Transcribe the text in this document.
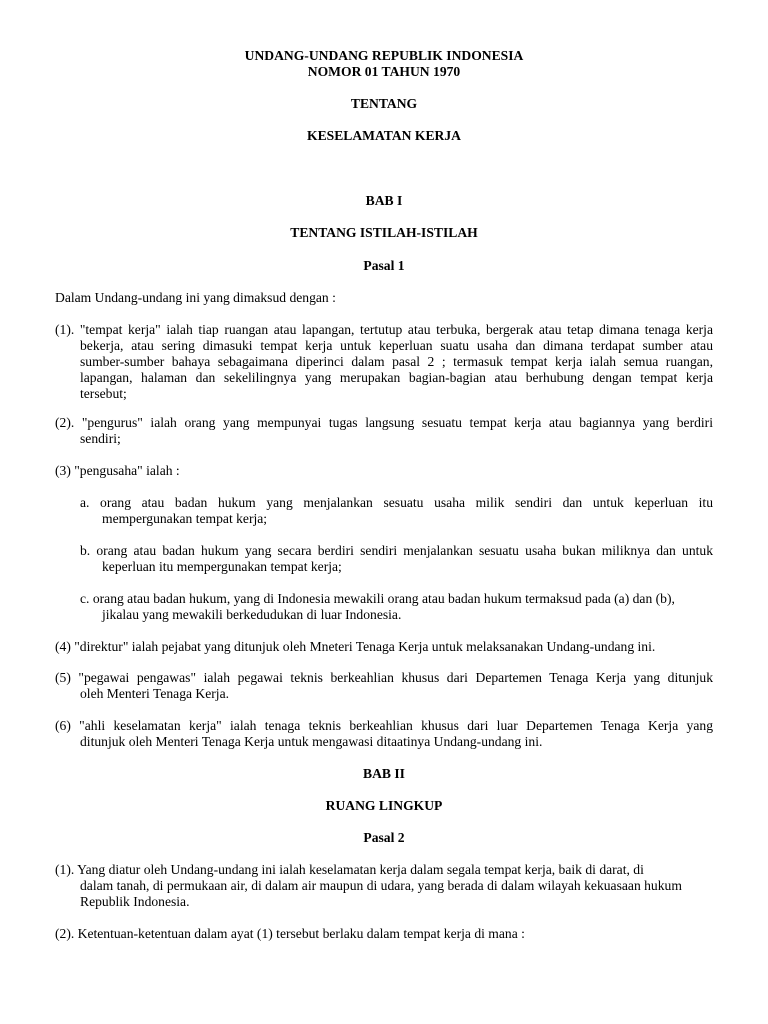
UNDANG-UNDANG REPUBLIK INDONESIA
NOMOR 01 TAHUN 1970
TENTANG
KESELAMATAN KERJA
BAB I
TENTANG ISTILAH-ISTILAH
Pasal 1
Dalam Undang-undang ini yang dimaksud dengan :
(1). "tempat kerja" ialah tiap ruangan atau lapangan, tertutup atau terbuka, bergerak atau tetap dimana tenaga kerja
bekerja, atau sering dimasuki tempat kerja untuk keperluan suatu usaha dan dimana terdapat sumber atau
sumber-sumber bahaya sebagaimana diperinci dalam pasal 2 ; termasuk tempat kerja ialah semua ruangan,
lapangan, halaman dan sekelilingnya yang merupakan bagian-bagian atau berhubung dengan tempat kerja
tersebut;
(2). "pengurus" ialah orang yang mempunyai tugas langsung sesuatu tempat kerja atau bagiannya yang berdiri
sendiri;
(3) "pengusaha" ialah :
a. orang atau badan hukum yang menjalankan sesuatu usaha milik sendiri dan untuk keperluan itu
mempergunakan tempat kerja;
b. orang atau badan hukum yang secara berdiri sendiri menjalankan sesuatu usaha bukan miliknya dan untuk
keperluan itu mempergunakan tempat kerja;
c. orang atau badan hukum, yang di Indonesia mewakili orang atau badan hukum termaksud pada (a) dan (b),
jikalau yang mewakili berkedudukan di luar Indonesia.
(4) "direktur" ialah pejabat yang ditunjuk oleh Mneteri Tenaga Kerja untuk melaksanakan Undang-undang ini.
(5) "pegawai pengawas" ialah pegawai teknis berkeahlian khusus dari Departemen Tenaga Kerja yang ditunjuk
oleh Menteri Tenaga Kerja.
(6) "ahli keselamatan kerja" ialah tenaga teknis berkeahlian khusus dari luar Departemen Tenaga Kerja yang
ditunjuk oleh Menteri Tenaga Kerja untuk mengawasi ditaatinya Undang-undang ini.
BAB II
RUANG LINGKUP
Pasal 2
(1). Yang diatur oleh Undang-undang ini ialah keselamatan kerja dalam segala tempat kerja, baik di darat, di
dalam tanah, di permukaan air, di dalam air maupun di udara, yang berada di dalam wilayah kekuasaan hukum
Republik Indonesia.
(2). Ketentuan-ketentuan dalam ayat (1) tersebut berlaku dalam tempat kerja di mana :
